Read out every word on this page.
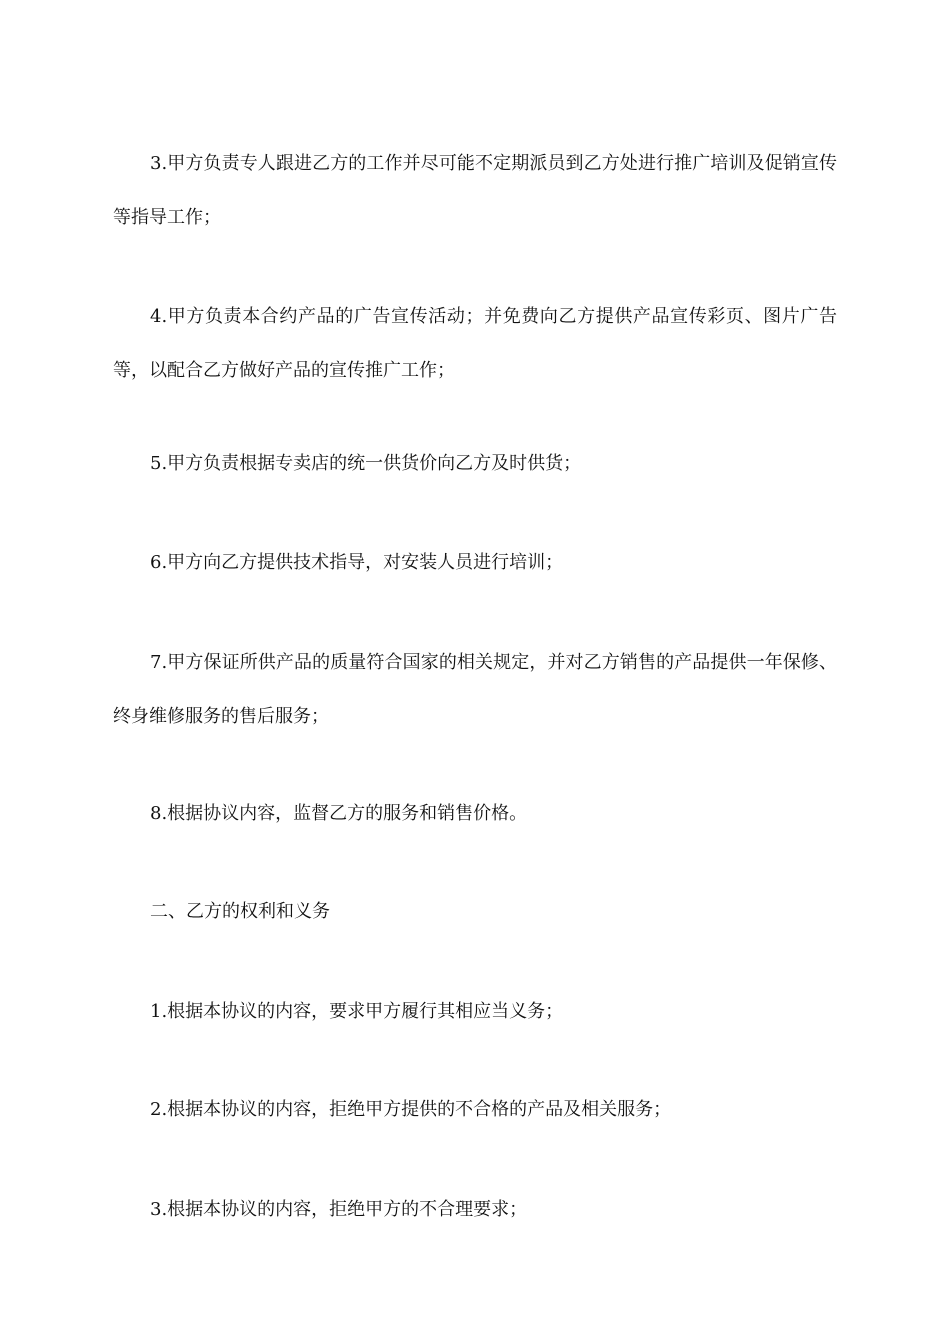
3.甲方负责专人跟进乙方的工作并尽可能不定期派员到乙方处进行推广培训及促销宣传等指导工作；

4.甲方负责本合约产品的广告宣传活动；并免费向乙方提供产品宣传彩页、图片广告等，以配合乙方做好产品的宣传推广工作；

5.甲方负责根据专卖店的统一供货价向乙方及时供货；

6.甲方向乙方提供技术指导，对安装人员进行培训；

7.甲方保证所供产品的质量符合国家的相关规定，并对乙方销售的产品提供一年保修、终身维修服务的售后服务；

8.根据协议内容，监督乙方的服务和销售价格。

二、乙方的权利和义务

1.根据本协议的内容，要求甲方履行其相应当义务；

2.根据本协议的内容，拒绝甲方提供的不合格的产品及相关服务；

3.根据本协议的内容，拒绝甲方的不合理要求；
